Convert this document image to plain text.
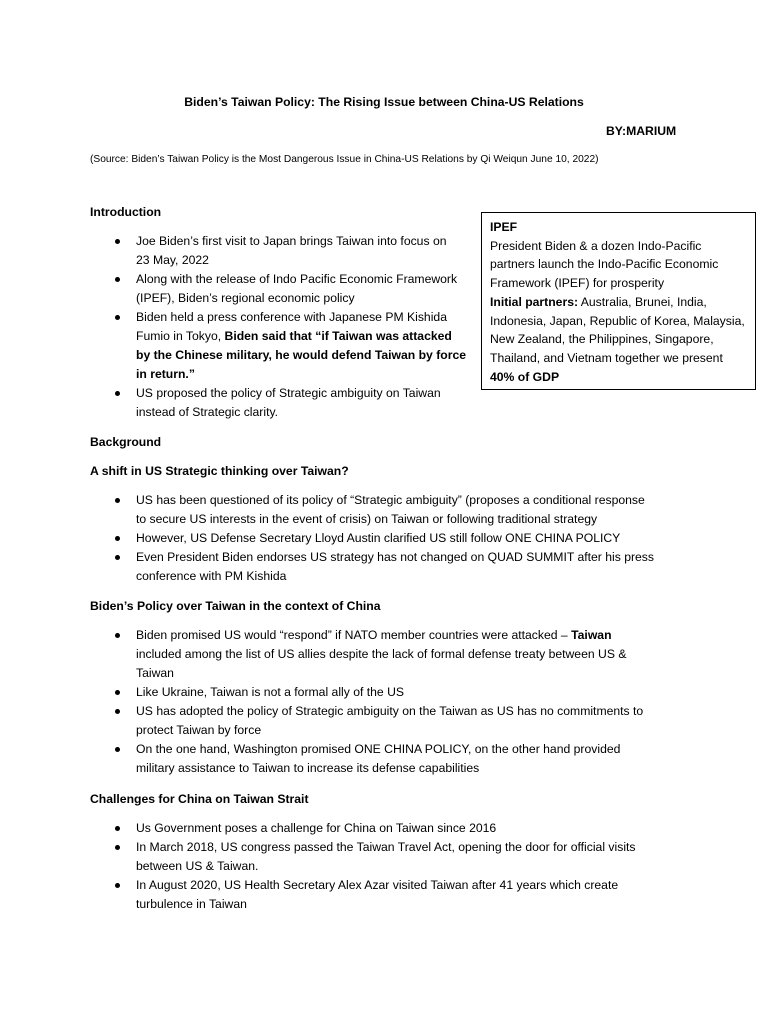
Biden’s Taiwan Policy: The Rising Issue between China-US Relations
BY:MARIUM
(Source: Biden’s Taiwan Policy is the Most Dangerous Issue in China-US Relations by Qi Weiqun June 10, 2022)
IPEF
President Biden & a dozen Indo-Pacific
partners launch the Indo-Pacific Economic
Framework (IPEF) for prosperity
Initial partners: Australia, Brunei, India,
Indonesia, Japan, Republic of Korea, Malaysia,
New Zealand, the Philippines, Singapore,
Thailand, and Vietnam together we present
40% of GDP
Introduction
Joe Biden’s first visit to Japan brings Taiwan into focus on
23 May, 2022
Along with the release of Indo Pacific Economic Framework
(IPEF), Biden’s regional economic policy
Biden held a press conference with Japanese PM Kishida
Fumio in Tokyo, Biden said that “if Taiwan was attacked
by the Chinese military, he would defend Taiwan by force
in return.”
US proposed the policy of Strategic ambiguity on Taiwan
instead of Strategic clarity.
Background
A shift in US Strategic thinking over Taiwan?
US has been questioned of its policy of “Strategic ambiguity” (proposes a conditional response
to secure US interests in the event of crisis) on Taiwan or following traditional strategy
However, US Defense Secretary Lloyd Austin clarified US still follow ONE CHINA POLICY
Even President Biden endorses US strategy has not changed on QUAD SUMMIT after his press
conference with PM Kishida
Biden’s Policy over Taiwan in the context of China
Biden promised US would “respond” if NATO member countries were attacked – Taiwan
included among the list of US allies despite the lack of formal defense treaty between US &
Taiwan
Like Ukraine, Taiwan is not a formal ally of the US
US has adopted the policy of Strategic ambiguity on the Taiwan as US has no commitments to
protect Taiwan by force
On the one hand, Washington promised ONE CHINA POLICY, on the other hand provided
military assistance to Taiwan to increase its defense capabilities
Challenges for China on Taiwan Strait
Us Government poses a challenge for China on Taiwan since 2016
In March 2018, US congress passed the Taiwan Travel Act, opening the door for official visits
between US & Taiwan.
In August 2020, US Health Secretary Alex Azar visited Taiwan after 41 years which create
turbulence in Taiwan
